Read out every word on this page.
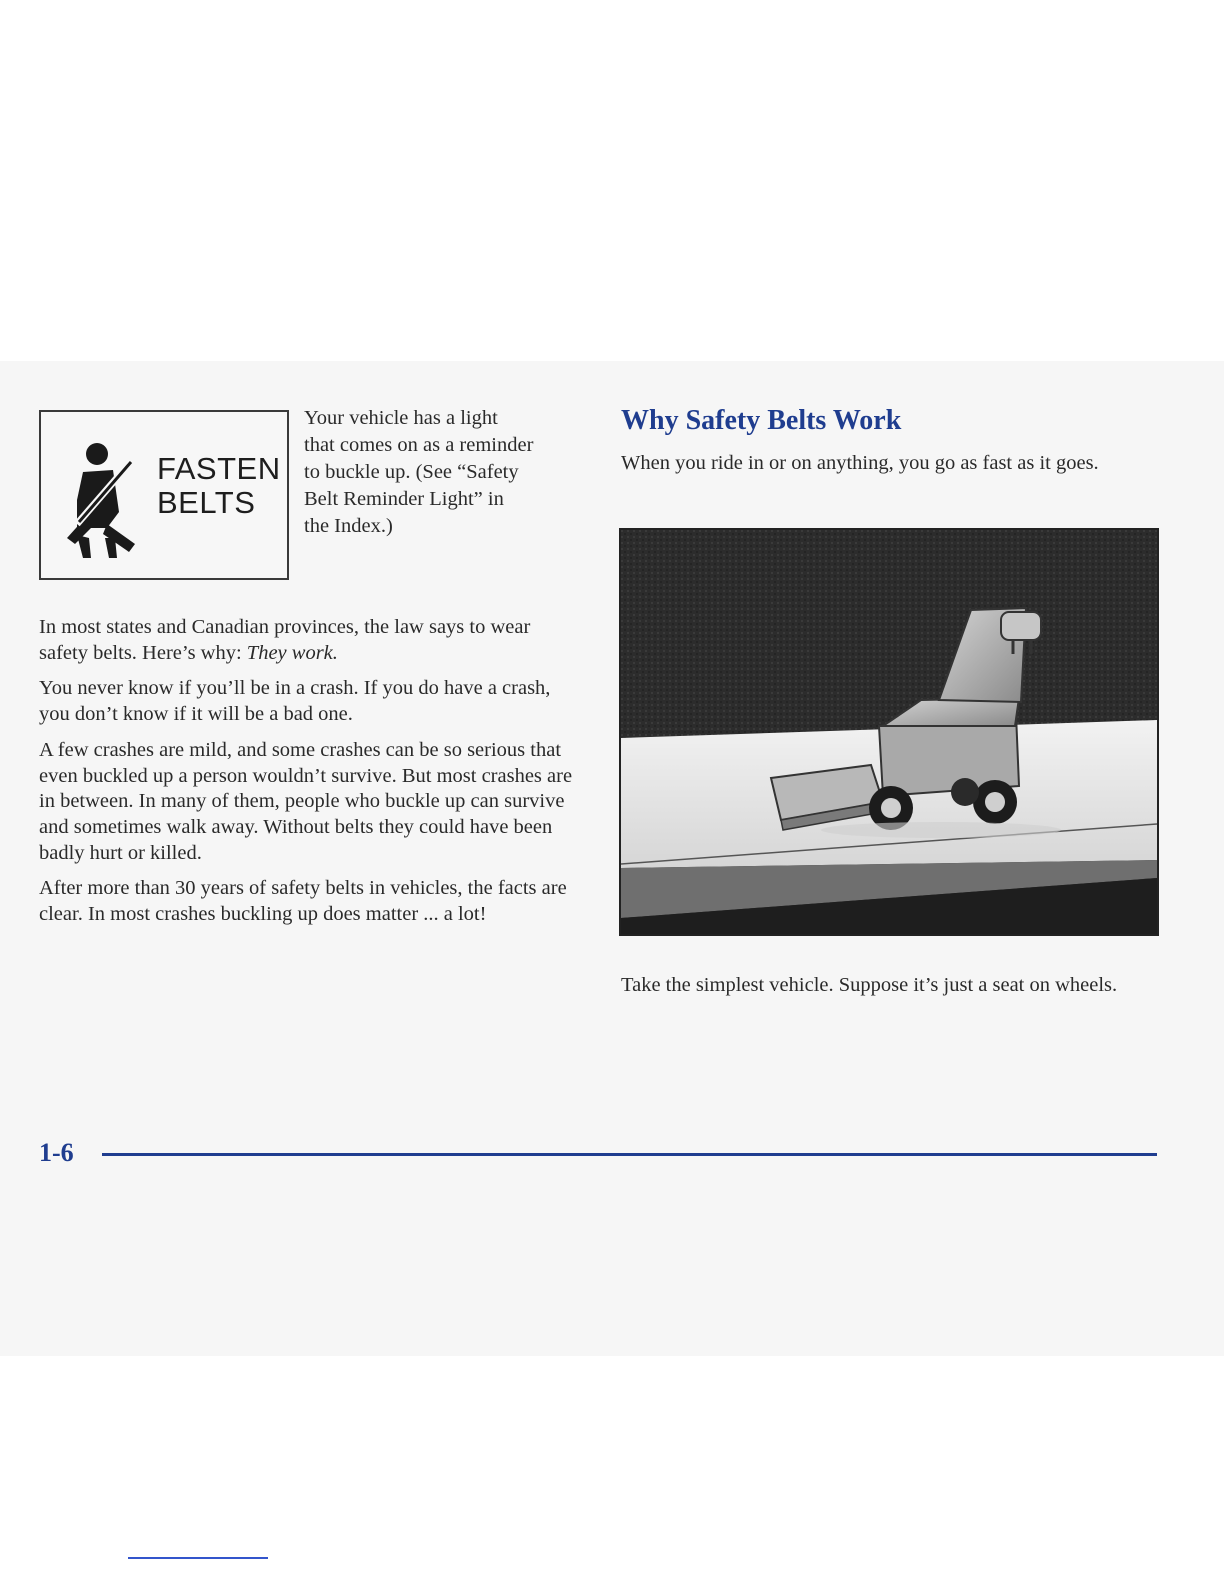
FASTEN
BELTS

Your vehicle has a light
that comes on as a reminder
to buckle up. (See “Safety
Belt Reminder Light” in
the Index.)

In most states and Canadian provinces, the law says to wear safety belts. Here’s why: They work.

You never know if you’ll be in a crash. If you do have a crash, you don’t know if it will be a bad one.

A few crashes are mild, and some crashes can be so serious that even buckled up a person wouldn’t survive. But most crashes are in between. In many of them, people who buckle up can survive and sometimes walk away. Without belts they could have been badly hurt or killed.

After more than 30 years of safety belts in vehicles, the facts are clear. In most crashes buckling up does matter ... a lot!

Why Safety Belts Work

When you ride in or on anything, you go as fast as it goes.

Take the simplest vehicle. Suppose it’s just a seat on wheels.

1-6
